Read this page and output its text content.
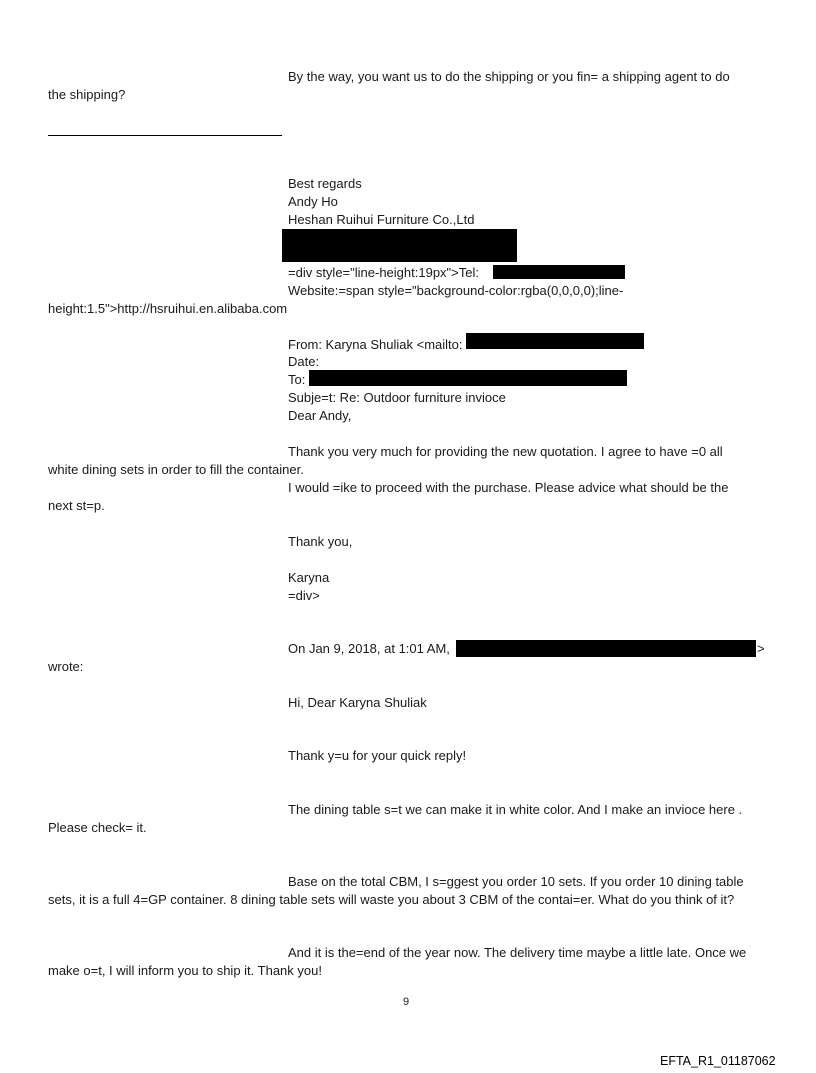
By the way, you want us to do the shipping or you fin= a shipping agent to do
the shipping?
Best regards
Andy Ho
Heshan Ruihui Furniture Co.,Ltd
=div style="line-height:19px">Tel:
Website:=span style="background-color:rgba(0,0,0,0);line-
height:1.5">http://hsruihui.en.alibaba.com
From: Karyna Shuliak <mailto:
Date:
To:
Subje=t: Re: Outdoor furniture invioce
Dear Andy,
Thank you very much for providing the new quotation. I agree to have =0 all
white dining sets in order to fill the container.
I would =ike to proceed with the purchase. Please advice what should be the
next st=p.
Thank you,
Karyna
=div>
On Jan 9, 2018, at 1:01 AM,	>
wrote:
Hi, Dear Karyna Shuliak
Thank y=u for your quick reply!
The dining table s=t we can make it in white color. And I make an invioce here .
Please check= it.
Base on the total CBM, I s=ggest you order 10 sets. If you order 10 dining table
sets, it is a full 4=GP container. 8 dining table sets will waste you about 3 CBM of the contai=er. What do you think of it?
And it is the=end of the year now. The delivery time maybe a little late. Once we
make o=t, I will inform you to ship it. Thank you!
9
EFTA_R1_01187062
